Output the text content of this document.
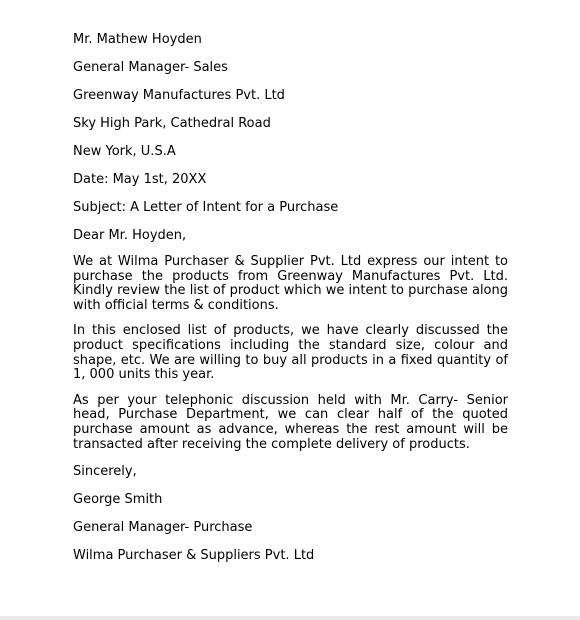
Mr. Mathew Hoyden
General Manager- Sales
Greenway Manufactures Pvt. Ltd
Sky High Park, Cathedral Road
New York, U.S.A
Date: May 1st, 20XX
Subject: A Letter of Intent for a Purchase
Dear Mr. Hoyden,

We at Wilma Purchaser & Supplier Pvt. Ltd express our intent to purchase the products from Greenway Manufactures Pvt. Ltd. Kindly review the list of product which we intent to purchase along with official terms & conditions.

In this enclosed list of products, we have clearly discussed the product specifications including the standard size, colour and shape, etc. We are willing to buy all products in a fixed quantity of 1, 000 units this year.

As per your telephonic discussion held with Mr. Carry- Senior head, Purchase Department, we can clear half of the quoted purchase amount as advance, whereas the rest amount will be transacted after receiving the complete delivery of products.

Sincerely,
George Smith
General Manager- Purchase
Wilma Purchaser & Suppliers Pvt. Ltd
